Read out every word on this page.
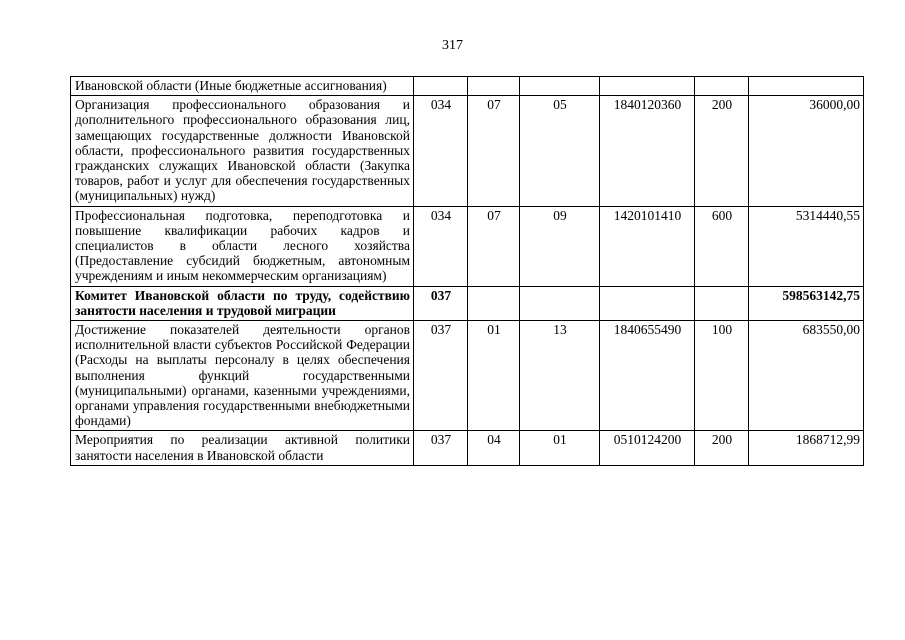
317
Ивановской области (Иные бюджетные ассигнования)						
Организация профессионального образования и дополнительного профессионального образования лиц, замещающих государственные должности Ивановской области, профессионального развития государственных гражданских служащих Ивановской области (Закупка товаров, работ и услуг для обеспечения государственных (муниципальных) нужд)	034	07	05	1840120360	200	36000,00
Профессиональная подготовка, переподготовка и повышение квалификации рабочих кадров и специалистов в области лесного хозяйства (Предоставление субсидий бюджетным, автономным учреждениям и иным некоммерческим организациям)	034	07	09	1420101410	600	5314440,55
Комитет Ивановской области по труду, содействию занятости населения и трудовой миграции	037					598563142,75
Достижение показателей деятельности органов исполнительной власти субъектов Российской Федерации (Расходы на выплаты персоналу в целях обеспечения выполнения функций государственными (муниципальными) органами, казенными учреждениями, органами управления государственными внебюджетными фондами)	037	01	13	1840655490	100	683550,00
Мероприятия по реализации активной политики занятости населения в Ивановской области	037	04	01	0510124200	200	1868712,99
